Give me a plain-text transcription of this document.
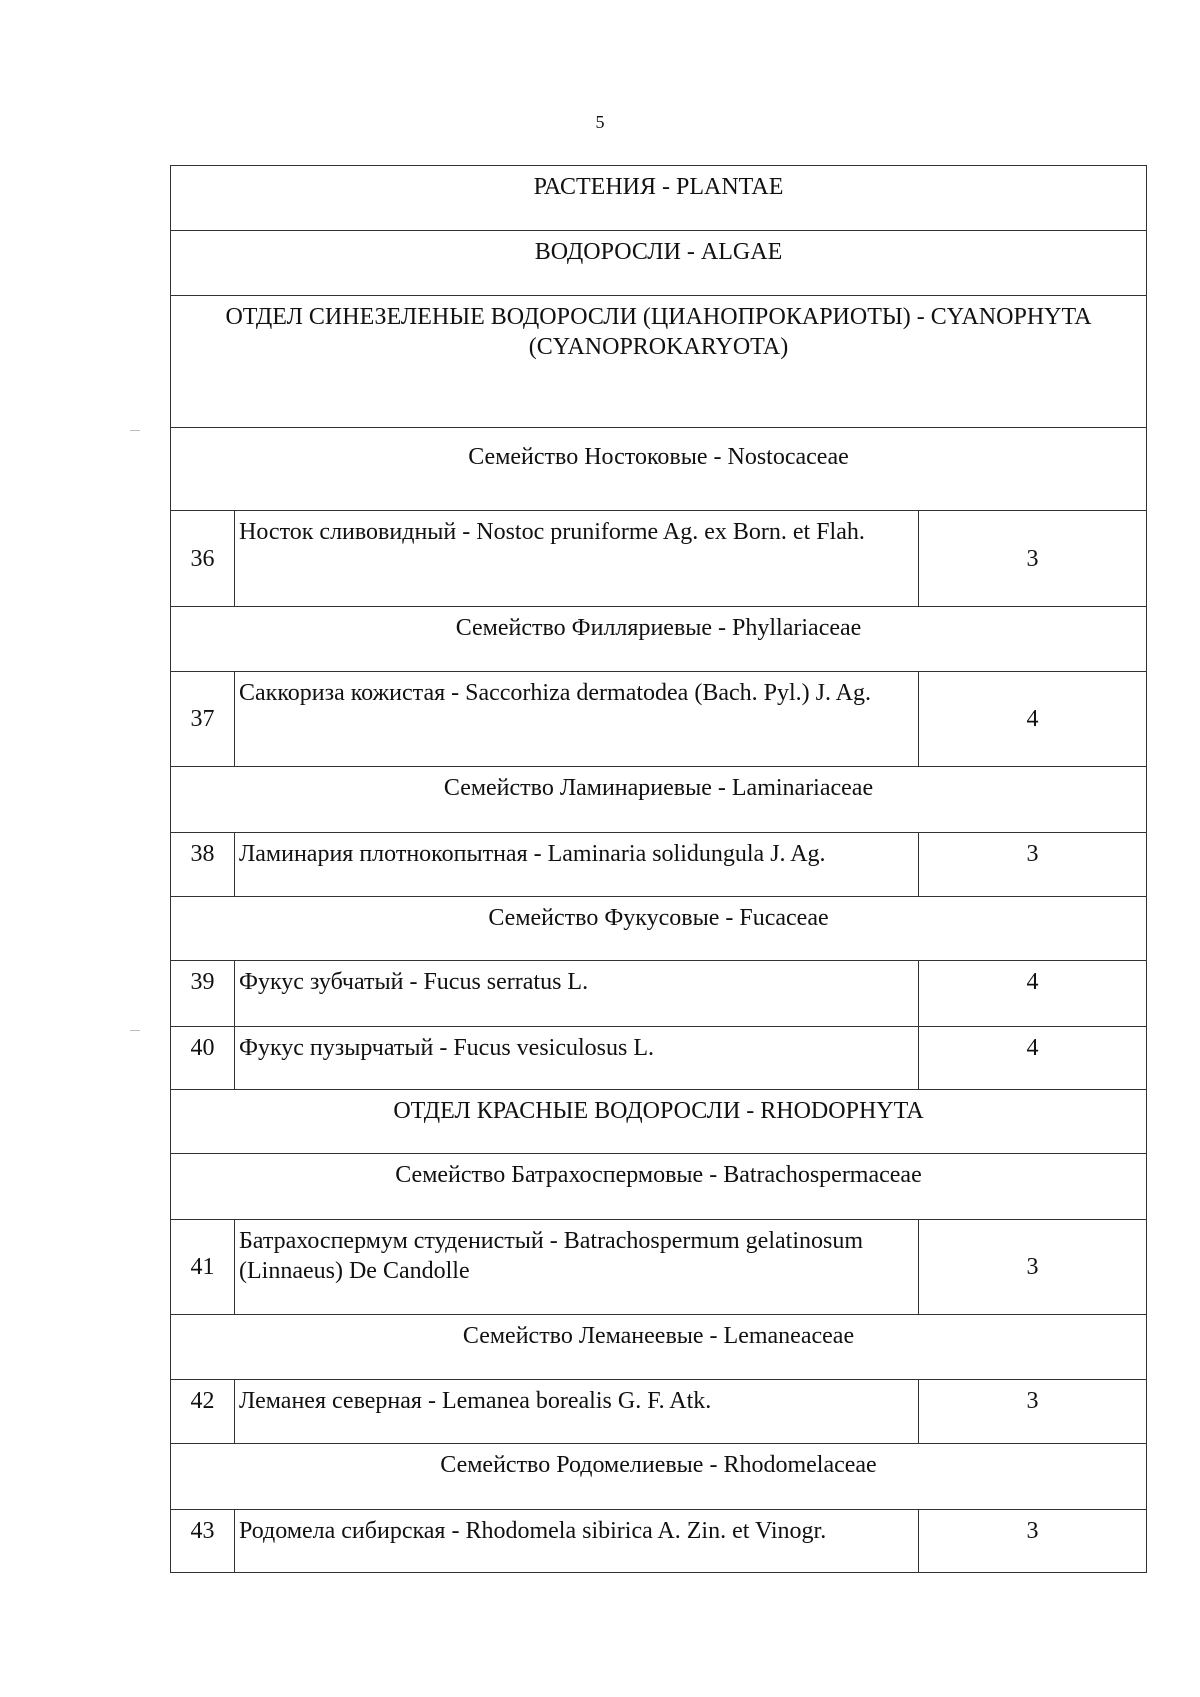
5
РАСТЕНИЯ - PLANTAE		
ВОДОРОСЛИ - ALGAE		
ОТДЕЛ СИНЕЗЕЛЕНЫЕ ВОДОРОСЛИ (ЦИАНОПРОКАРИОТЫ) - CYANOPHYTA (CYANOPROKARYOTA)		
Семейство Ностоковые - Nostocaceae		
36	Носток сливовидный - Nostoc pruniforme Ag. ex Born. et Flah.	3
Семейство Филляриевые - Phyllariaceae		
37	Саккориза кожистая - Saccorhiza dermatodea (Bach. Pyl.) J. Ag.	4
Семейство Ламинариевые - Laminariaceae		
38	Ламинария плотнокопытная - Laminaria solidungula J. Ag.	3
Семейство Фукусовые - Fucaceae		
39	Фукус зубчатый - Fucus serratus L.	4
40	Фукус пузырчатый - Fucus vesiculosus L.	4
ОТДЕЛ КРАСНЫЕ ВОДОРОСЛИ - RHODOPHYTA		
Семейство Батрахоспермовые - Batrachospermaceae		
41	Батрахоспермум студенистый - Batrachospermum gelatinosum (Linnaeus) De Candolle	3
Семейство Леманеевые - Lemaneaceae		
42	Леманея северная - Lemanea borealis G. F. Atk.	3
Семейство Родомелиевые - Rhodomelaceae		
43	Родомела сибирская - Rhodomela sibirica A. Zin. et Vinogr.	3
